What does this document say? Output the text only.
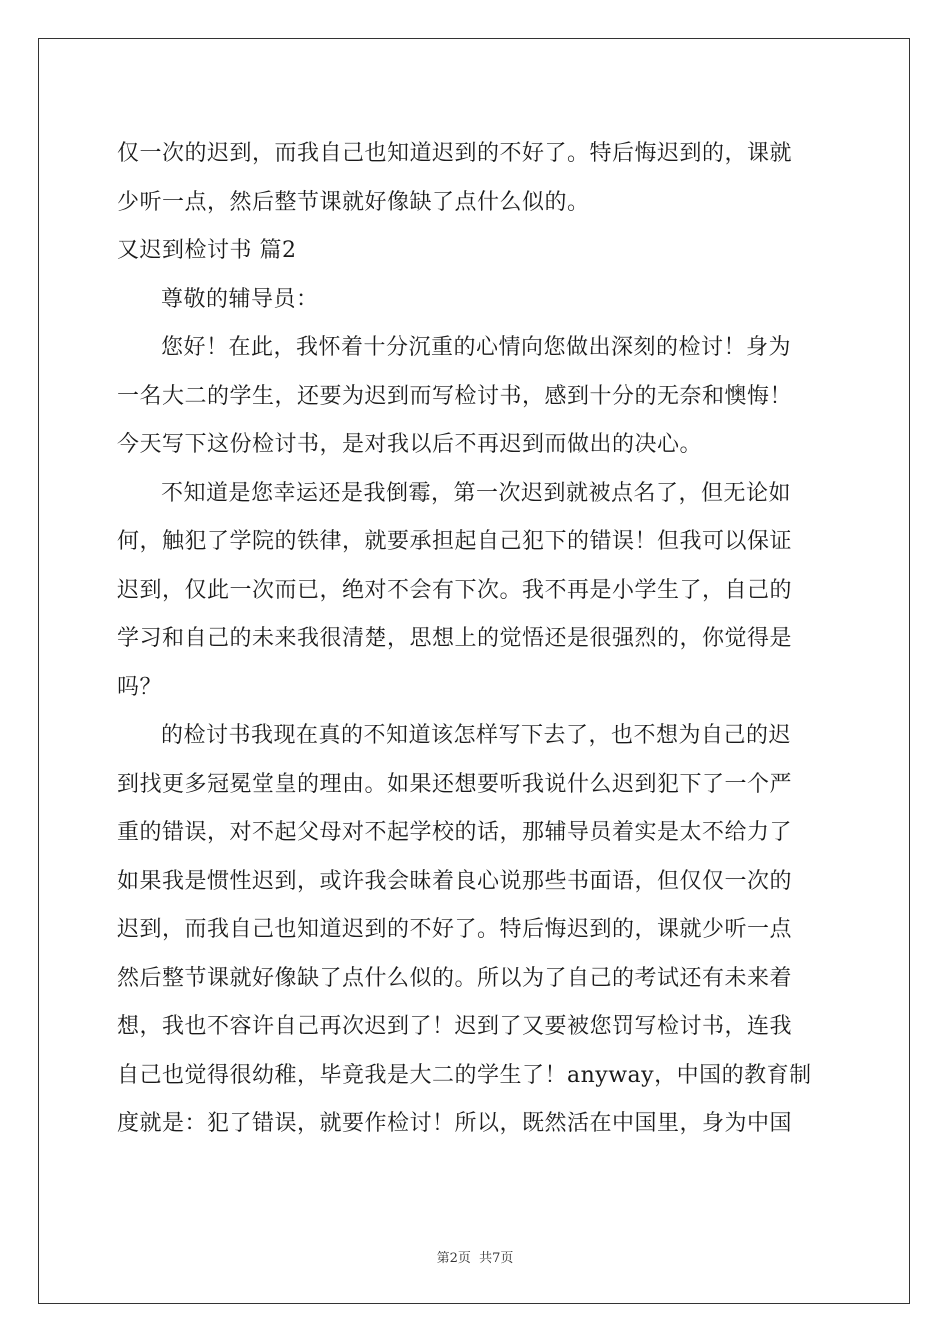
仅一次的迟到，而我自己也知道迟到的不好了。特后悔迟到的，课就
少听一点，然后整节课就好像缺了点什么似的。
又迟到检讨书 篇2
尊敬的辅导员：
您好！在此，我怀着十分沉重的心情向您做出深刻的检讨！身为
一名大二的学生，还要为迟到而写检讨书，感到十分的无奈和懊悔！
今天写下这份检讨书，是对我以后不再迟到而做出的决心。
不知道是您幸运还是我倒霉，第一次迟到就被点名了，但无论如
何，触犯了学院的铁律，就要承担起自己犯下的错误！但我可以保证
迟到，仅此一次而已，绝对不会有下次。我不再是小学生了，自己的
学习和自己的未来我很清楚，思想上的觉悟还是很强烈的，你觉得是
吗？
的检讨书我现在真的不知道该怎样写下去了，也不想为自己的迟
到找更多冠冕堂皇的理由。如果还想要听我说什么迟到犯下了一个严
重的错误，对不起父母对不起学校的话，那辅导员着实是太不给力了
如果我是惯性迟到，或许我会昧着良心说那些书面语，但仅仅一次的
迟到，而我自己也知道迟到的不好了。特后悔迟到的，课就少听一点
然后整节课就好像缺了点什么似的。所以为了自己的考试还有未来着
想，我也不容许自己再次迟到了！迟到了又要被您罚写检讨书，连我
自己也觉得很幼稚，毕竟我是大二的学生了！anyway，中国的教育制
度就是：犯了错误，就要作检讨！所以，既然活在中国里，身为中国
第2页 共7页
